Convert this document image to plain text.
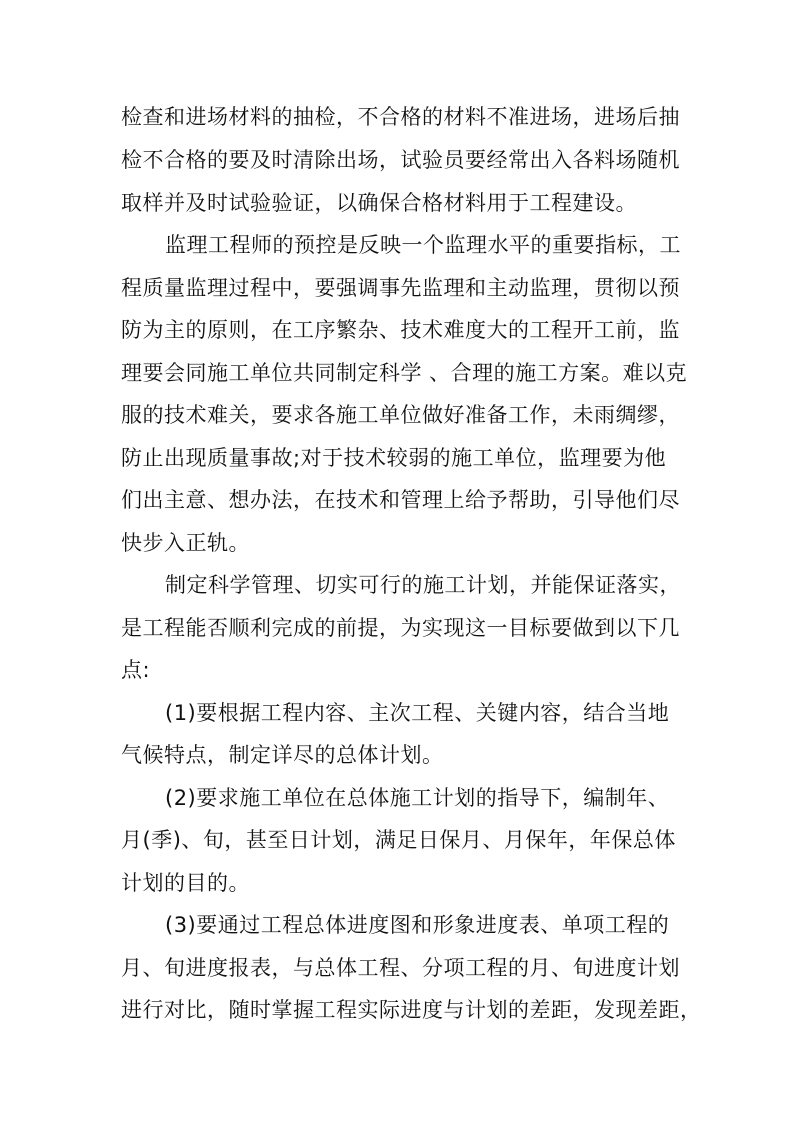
检查和进场材料的抽检，不合格的材料不准进场，进场后抽
检不合格的要及时清除出场，试验员要经常出入各料场随机
取样并及时试验验证，以确保合格材料用于工程建设。
监理工程师的预控是反映一个监理水平的重要指标，工
程质量监理过程中，要强调事先监理和主动监理，贯彻以预
防为主的原则，在工序繁杂、技术难度大的工程开工前，监
理要会同施工单位共同制定科学 、合理的施工方案。难以克
服的技术难关，要求各施工单位做好准备工作，未雨绸缪，
防止出现质量事故;对于技术较弱的施工单位，监理要为他
们出主意、想办法，在技术和管理上给予帮助，引导他们尽
快步入正轨。
制定科学管理、切实可行的施工计划，并能保证落实，
是工程能否顺利完成的前提，为实现这一目标要做到以下几
点:
(1)要根据工程内容、主次工程、关键内容，结合当地
气候特点，制定详尽的总体计划。
(2)要求施工单位在总体施工计划的指导下，编制年、
月(季)、旬，甚至日计划，满足日保月、月保年，年保总体
计划的目的。
(3)要通过工程总体进度图和形象进度表、单项工程的
月、旬进度报表，与总体工程、分项工程的月、旬进度计划
进行对比，随时掌握工程实际进度与计划的差距，发现差距，
